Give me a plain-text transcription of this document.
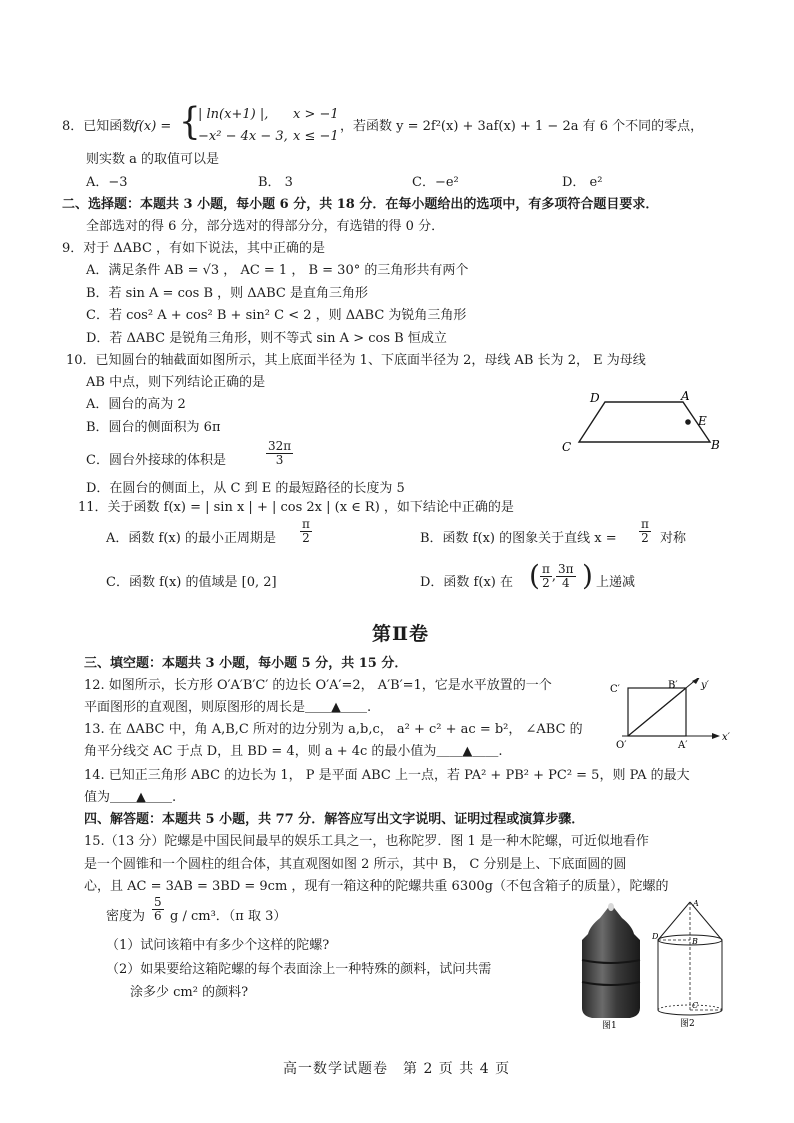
8．已知函数
f(x) = {
| ln(x+1) |, x > −1
−x² − 4x − 3, x ≤ −1
，若函数 y = 2f²(x) + 3af(x) + 1 − 2a 有 6 个不同的零点，
则实数 a 的取值可以是
A．−3	B． 3	C．−e²	D． e²
二、选择题：本题共 3 小题，每小题 6 分，共 18 分．在每小题给出的选项中，有多项符合题目要求．
全部选对的得 6 分，部分选对的得部分分，有选错的得 0 分．
9．对于 ΔABC ，有如下说法，其中正确的是
A．满足条件 AB = √3 ， AC = 1 ， B = 30° 的三角形共有两个
B．若 sin A = cos B ，则 ΔABC 是直角三角形
C．若 cos² A + cos² B + sin² C < 2 ，则 ΔABC 为锐角三角形
D．若 ΔABC 是锐角三角形，则不等式 sin A > cos B 恒成立
10．已知圆台的轴截面如图所示，其上底面半径为 1、下底面半径为 2，母线 AB 长为 2， E 为母线
AB 中点，则下列结论正确的是
A．圆台的高为 2
B．圆台的侧面积为 6π
C．圆台外接球的体积是	$\frac{32\pi}{3}$
D．在圆台的侧面上，从 C 到 E 的最短路径的长度为 5
D	A
E
C	B
11．关于函数 f(x) = | sin x | + | cos 2x | (x ∈ R) ，如下结论中正确的是
A．函数 f(x) 的最小正周期是 $\frac{\pi}{2}$	B．函数 f(x) 的图象关于直线 $x = \frac{\pi}{2}$ 对称
C．函数 f(x) 的值域是 [0, 2]	D．函数 f(x) 在 ( $\frac{\pi}{2}$ , $\frac{3\pi}{4}$ ) 上递减
第Ⅱ卷
三、填空题：本题共 3 小题，每小题 5 分，共 15 分．
12. 如图所示，长方形 O′A′B′C′ 的边长 O′A′=2， A′B′=1，它是水平放置的一个
平面图形的直观图，则原图形的周长是＿＿▲＿＿.
C′	B′ y′
O′	A′
x′
13. 在 ΔABC 中，角 A,B,C 所对的边分别为 a,b,c， a² + c² + ac = b²， ∠ABC 的
角平分线交 AC 于点 D，且 BD = 4，则 a + 4c 的最小值为＿＿▲＿＿.
14. 已知正三角形 ABC 的边长为 1， P 是平面 ABC 上一点，若 PA² + PB² + PC² = 5，则 PA 的最大
值为＿＿▲＿＿.
四、解答题：本题共 5 小题，共 77 分．解答应写出文字说明、证明过程或演算步骤．
15.（13 分）陀螺是中国民间最早的娱乐工具之一，也称陀罗．图 1 是一种木陀螺，可近似地看作
是一个圆锥和一个圆柱的组合体，其直观图如图 2 所示，其中 B， C 分别是上、下底面圆的圆
心，且 AC = 3AB = 3BD = 9cm ，现有一箱这种的陀螺共重 6300g（不包含箱子的质量），陀螺的
密度为 $\frac{5}{6}$ g / cm³．（π 取 3）
（1）试问该箱中有多少个这样的陀螺?
（2）如果要给这箱陀螺的每个表面涂上一种特殊的颜料，试问共需
涂多少 cm² 的颜料?
图1
A
D
B
C
图2
高一数学试题卷　第 2 页 共 4 页
